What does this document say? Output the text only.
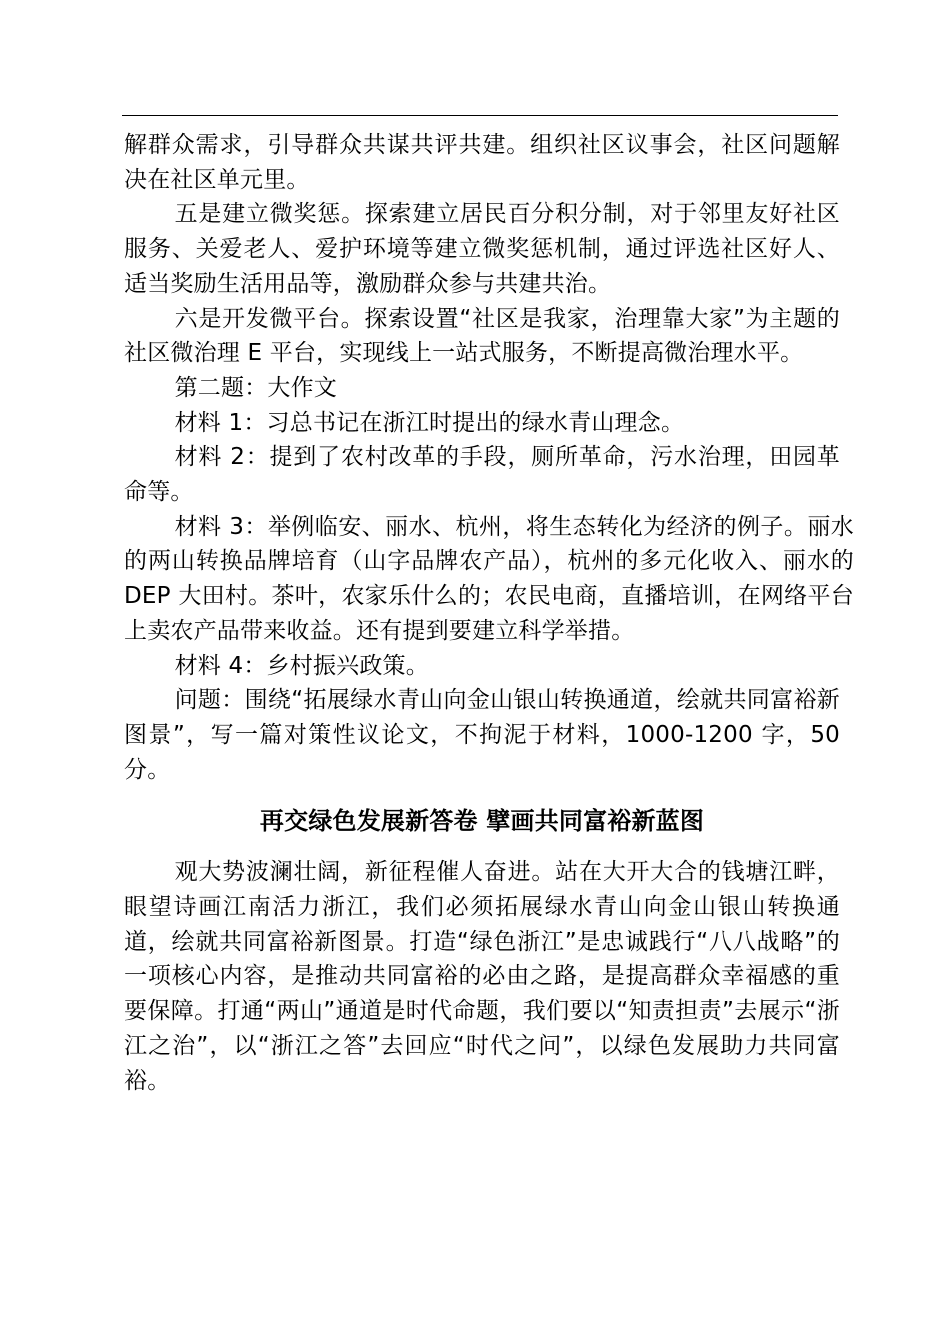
解群众需求，引导群众共谋共评共建。组织社区议事会，社区问题解决在社区单元里。

五是建立微奖惩。探索建立居民百分积分制，对于邻里友好社区服务、关爱老人、爱护环境等建立微奖惩机制，通过评选社区好人、适当奖励生活用品等，激励群众参与共建共治。

六是开发微平台。探索设置“社区是我家，治理靠大家”为主题的社区微治理 E 平台，实现线上一站式服务，不断提高微治理水平。

第二题：大作文

材料 1：习总书记在浙江时提出的绿水青山理念。

材料 2：提到了农村改革的手段，厕所革命，污水治理，田园革命等。

材料 3：举例临安、丽水、杭州，将生态转化为经济的例子。丽水的两山转换品牌培育（山字品牌农产品），杭州的多元化收入、丽水的 DEP 大田村。茶叶，农家乐什么的；农民电商，直播培训，在网络平台上卖农产品带来收益。还有提到要建立科学举措。

材料 4：乡村振兴政策。

问题：围绕“拓展绿水青山向金山银山转换通道，绘就共同富裕新图景”，写一篇对策性议论文，不拘泥于材料，1000-1200 字，50 分。

再交绿色发展新答卷 擘画共同富裕新蓝图

观大势波澜壮阔，新征程催人奋进。站在大开大合的钱塘江畔，眼望诗画江南活力浙江，我们必须拓展绿水青山向金山银山转换通道，绘就共同富裕新图景。打造“绿色浙江”是忠诚践行“八八战略”的一项核心内容，是推动共同富裕的必由之路，是提高群众幸福感的重要保障。打通“两山”通道是时代命题，我们要以“知责担责”去展示“浙江之治”，以“浙江之答”去回应“时代之问”，以绿色发展助力共同富裕。
